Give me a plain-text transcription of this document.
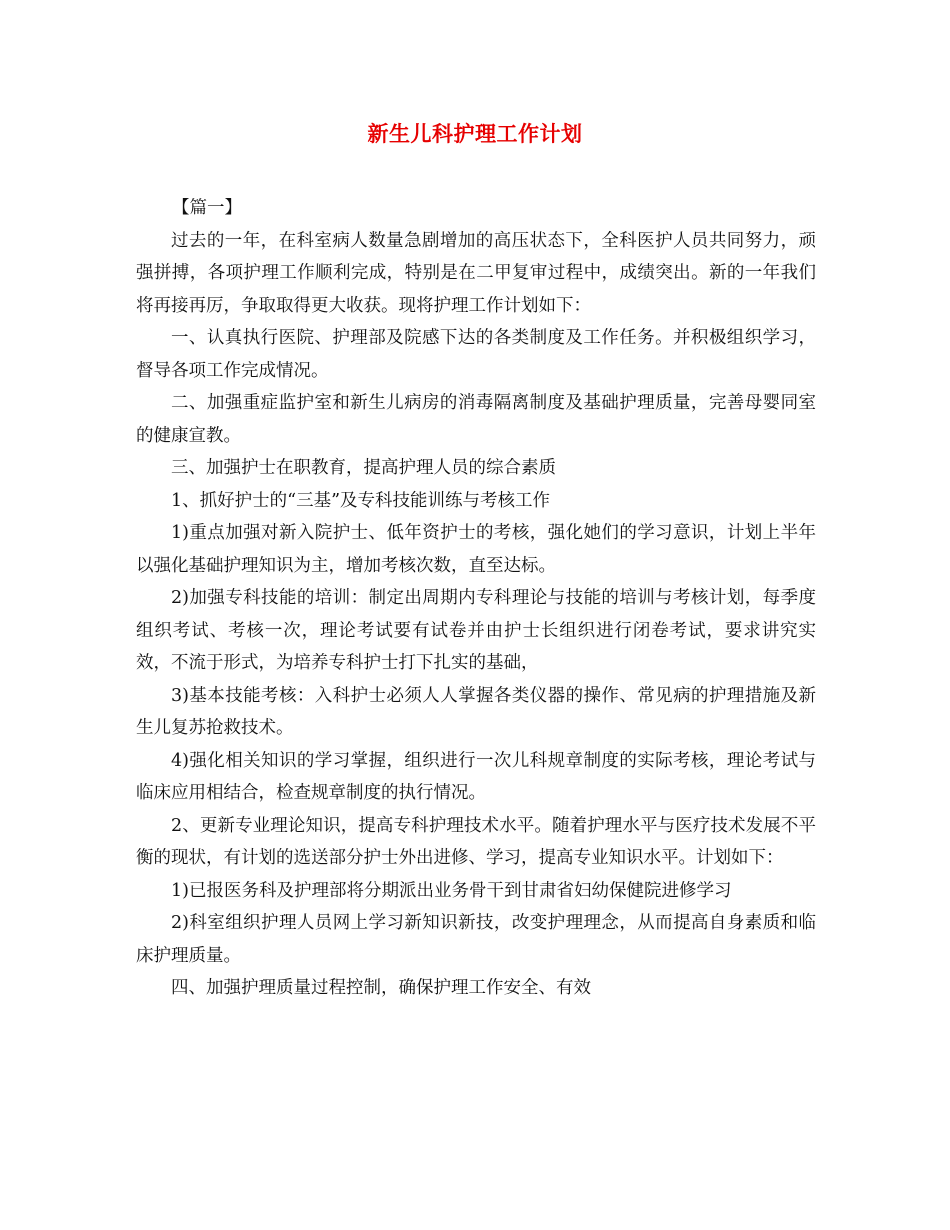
新生儿科护理工作计划

【篇一】

过去的一年，在科室病人数量急剧增加的高压状态下，全科医护人员共同努力，顽强拼搏，各项护理工作顺利完成，特别是在二甲复审过程中，成绩突出。新的一年我们将再接再厉，争取取得更大收获。现将护理工作计划如下：

一、认真执行医院、护理部及院感下达的各类制度及工作任务。并积极组织学习，督导各项工作完成情况。

二、加强重症监护室和新生儿病房的消毒隔离制度及基础护理质量，完善母婴同室的健康宣教。

三、加强护士在职教育，提高护理人员的综合素质

1、抓好护士的“三基”及专科技能训练与考核工作

1)重点加强对新入院护士、低年资护士的考核，强化她们的学习意识，计划上半年以强化基础护理知识为主，增加考核次数，直至达标。

2)加强专科技能的培训：制定出周期内专科理论与技能的培训与考核计划，每季度组织考试、考核一次，理论考试要有试卷并由护士长组织进行闭卷考试，要求讲究实效，不流于形式，为培养专科护士打下扎实的基础，

3)基本技能考核：入科护士必须人人掌握各类仪器的操作、常见病的护理措施及新生儿复苏抢救技术。

4)强化相关知识的学习掌握，组织进行一次儿科规章制度的实际考核，理论考试与临床应用相结合，检查规章制度的执行情况。

2、更新专业理论知识，提高专科护理技术水平。随着护理水平与医疗技术发展不平衡的现状，有计划的选送部分护士外出进修、学习，提高专业知识水平。计划如下：

1)已报医务科及护理部将分期派出业务骨干到甘肃省妇幼保健院进修学习

2)科室组织护理人员网上学习新知识新技，改变护理理念，从而提高自身素质和临床护理质量。

四、加强护理质量过程控制，确保护理工作安全、有效
